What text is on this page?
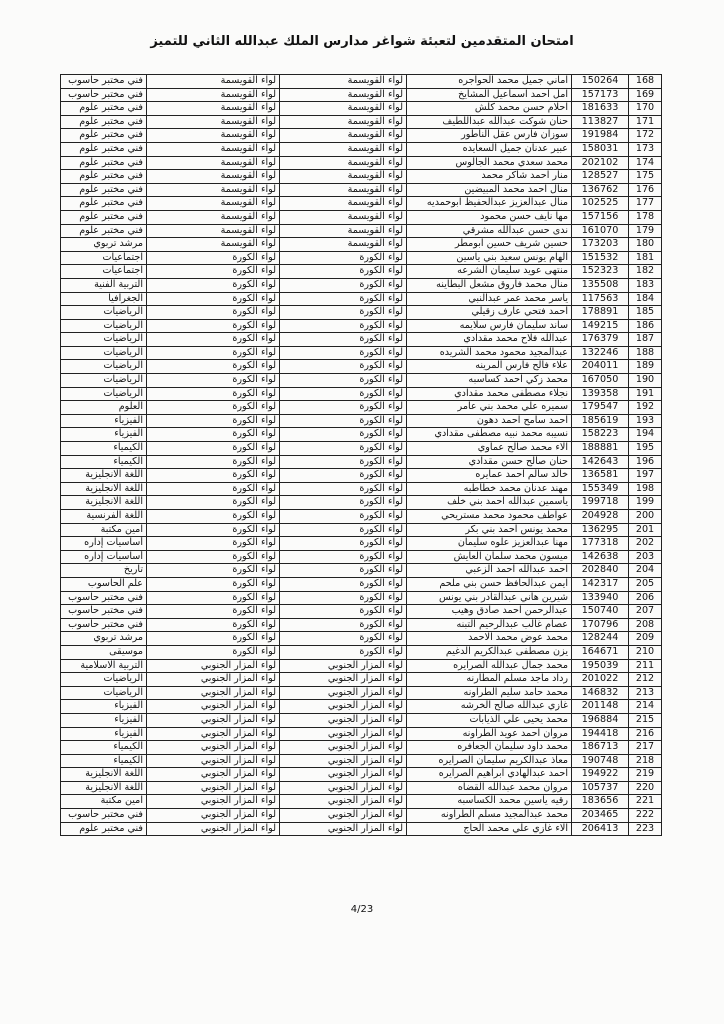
امتحان المتقدمين لتعبئة شواغر مدارس الملك عبدالله الثاني للتميز
168	150264	اماني جميل محمد الحواجره	لواء القويسمة	لواء القويسمة	فني مختبر حاسوب
169	157173	امل احمد اسماعيل المشايخ	لواء القويسمة	لواء القويسمة	فني مختبر حاسوب
170	181633	احلام حسن محمد كلش	لواء القويسمة	لواء القويسمة	فني مختبر علوم
171	113827	حنان شوكت عبدالله عبداللطيف	لواء القويسمة	لواء القويسمة	فني مختبر علوم
172	191984	سوزان فارس عقل الناطور	لواء القويسمة	لواء القويسمة	فني مختبر علوم
173	158031	عبير عدنان جميل السعايده	لواء القويسمة	لواء القويسمة	فني مختبر علوم
174	202102	محمد سعدي محمد الجالوس	لواء القويسمة	لواء القويسمة	فني مختبر علوم
175	128527	منار احمد شاكر محمد	لواء القويسمة	لواء القويسمة	فني مختبر علوم
176	136762	منال احمد محمد المبيضين	لواء القويسمة	لواء القويسمة	فني مختبر علوم
177	102525	منال عبدالعزيز عبدالحفيظ ابوحمديه	لواء القويسمة	لواء القويسمة	فني مختبر علوم
178	157156	مها نايف حسن محمود	لواء القويسمة	لواء القويسمة	فني مختبر علوم
179	161070	ندى حسن عبدالله مشرقي	لواء القويسمة	لواء القويسمة	فني مختبر علوم
180	173203	حسين شريف حسين ابومطر	لواء القويسمة	لواء القويسمة	مرشد تربوي
181	151532	الهام يونس سعيد بني ياسين	لواء الكورة	لواء الكورة	اجتماعيات
182	152323	منتهى عويد سليمان الشرعه	لواء الكورة	لواء الكورة	اجتماعيات
183	135508	منال محمد فاروق مشعل البطاينه	لواء الكورة	لواء الكورة	التربية الفنية
184	117563	ياسر محمد عمر عبدالنبي	لواء الكورة	لواء الكورة	الجغرافيا
185	178891	احمد فتحي عارف زقيلي	لواء الكورة	لواء الكورة	الرياضيات
186	149215	ساند سليمان فارس سلايمه	لواء الكورة	لواء الكورة	الرياضيات
187	176379	عبدالله فلاح محمد مقدادي	لواء الكورة	لواء الكورة	الرياضيات
188	132246	عبدالمجيد محمود محمد الشريده	لواء الكورة	لواء الكورة	الرياضيات
189	204011	علاء فالح فارس المرينه	لواء الكورة	لواء الكورة	الرياضيات
190	167050	محمد زكي احمد كساسبه	لواء الكورة	لواء الكورة	الرياضيات
191	139358	نجلاء مصطفى محمد مقدادي	لواء الكورة	لواء الكورة	الرياضيات
192	179547	سميره علي محمد بني عامر	لواء الكورة	لواء الكورة	العلوم
193	185619	احمد سامح احمد دهون	لواء الكورة	لواء الكورة	الفيزياء
194	158223	نسيبه محمد نبيه مصطفى مقدادي	لواء الكورة	لواء الكورة	الفيزياء
195	188881	الاء محمد صالح عماوي	لواء الكورة	لواء الكورة	الكيمياء
196	142643	حنان صالح حسن مقدادي	لواء الكورة	لواء الكورة	الكيمياء
197	136581	خالد سالم احمد عمايره	لواء الكورة	لواء الكورة	اللغة الانجليزية
198	155349	مهند عدنان محمد خطاطبه	لواء الكورة	لواء الكورة	اللغة الانجليزية
199	199718	ياسمين عبدالله احمد بني خلف	لواء الكورة	لواء الكورة	اللغة الانجليزية
200	204928	عواطف محمود محمد مستريحي	لواء الكورة	لواء الكورة	اللغة الفرنسية
201	136295	محمد يونس احمد بني بكر	لواء الكورة	لواء الكورة	امين مكتبة
202	177318	مهنا عبدالعزيز علوه سليمان	لواء الكورة	لواء الكورة	أساسيات إداره
203	142638	ميسون محمد سلمان العايش	لواء الكورة	لواء الكورة	أساسيات إداره
204	202840	احمد عبدالله احمد الزعبي	لواء الكورة	لواء الكورة	تاريخ
205	142317	ايمن عبدالحافظ حسن بني ملحم	لواء الكورة	لواء الكورة	علم الحاسوب
206	133940	شيرين هاني عبدالقادر بني يونس	لواء الكورة	لواء الكورة	فني مختبر حاسوب
207	150740	عبدالرحمن احمد صادق وهيب	لواء الكورة	لواء الكورة	فني مختبر حاسوب
208	170796	عصام غالب عبدالرحيم التبنه	لواء الكورة	لواء الكورة	فني مختبر حاسوب
209	128244	محمد عوض محمد الاحمد	لواء الكورة	لواء الكورة	مرشد تربوي
210	164671	يزن مصطفى عبدالكريم الدغيم	لواء الكورة	لواء الكورة	موسيقى
211	195039	محمد جمال عبدالله الصرايره	لواء المزار الجنوبي	لواء المزار الجنوبي	التربية الاسلامية
212	201022	رداد ماجد مسلم المطارنه	لواء المزار الجنوبي	لواء المزار الجنوبي	الرياضيات
213	146832	محمد حامد سليم الطراونه	لواء المزار الجنوبي	لواء المزار الجنوبي	الرياضيات
214	201148	غازي عبدالله صالح الخرشه	لواء المزار الجنوبي	لواء المزار الجنوبي	الفيزياء
215	196884	محمد يحيى علي الذيابات	لواء المزار الجنوبي	لواء المزار الجنوبي	الفيزياء
216	194418	مروان احمد عويد الطراونه	لواء المزار الجنوبي	لواء المزار الجنوبي	الفيزياء
217	186713	محمد داود سليمان الجعافره	لواء المزار الجنوبي	لواء المزار الجنوبي	الكيمياء
218	190748	معاذ عبدالكريم سليمان الصرايره	لواء المزار الجنوبي	لواء المزار الجنوبي	الكيمياء
219	194922	احمد عبدالهادي ابراهيم الصرايره	لواء المزار الجنوبي	لواء المزار الجنوبي	اللغة الانجليزية
220	105737	مروان محمد عبدالله القضاه	لواء المزار الجنوبي	لواء المزار الجنوبي	اللغة الانجليزية
221	183656	رقيه ياسين محمد الكساسبه	لواء المزار الجنوبي	لواء المزار الجنوبي	امين مكتبة
222	203465	محمد عبدالمجيد مسلم الطراونه	لواء المزار الجنوبي	لواء المزار الجنوبي	فني مختبر حاسوب
223	206413	الاء غازي علي محمد الحاج	لواء المزار الجنوبي	لواء المزار الجنوبي	فني مختبر علوم
4/23
